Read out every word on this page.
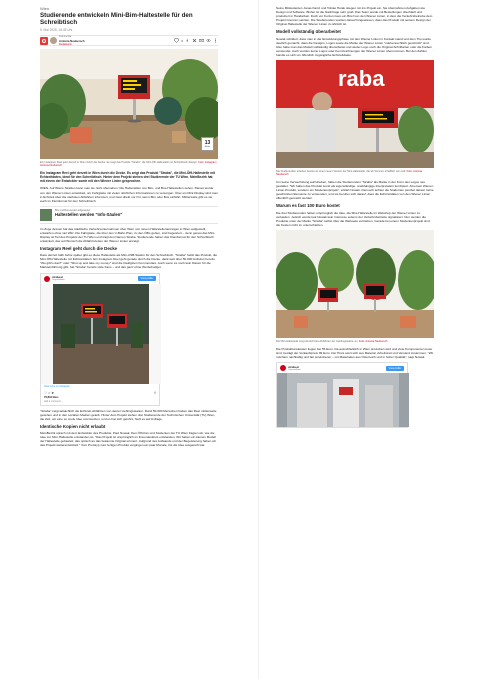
Wien
Studierende entwickeln Mini-Bim-Haltestelle für den Schreibtisch
5. Mai 2025, 16:45 Uhr
Kommentar
Antonia Neubersch
Redakteurin
6 f
13
Bilder
Ein Instagram Reel geht derzeit in Wien durch die Decke. Es zeigt das Produkt "Straba", die Mini-Öffi-Haltestelle mit Schreibtisch-Design. Foto: Instagram Antonia Neubersch
Ein Instagram Reel geht derzeit in Wien durch die Decke. Es zeigt das Produkt "Straba", die Mini-Öffi-Haltestelle mit Echtzeitdaten, ideal für den Schreibtisch. Hinter dem Projekt stehen drei Studierende der TU Wien. MeinBezirk hat mit einem der Entwickler sowie mit den Wiener Linien gesprochen.
WIEN. Auf Wiens Straßen kann man sie nicht übersehen: Die Haltestellen von Bim- und Bus-Haltestellen sehen. Dieses wurde von den Wiener Linien entwickelt, um Fahrgäste mit vielen nützlichen Informationen zu versorgen: Über ein Mini-Display wird man in Echtzeit über die nächsten Abfahrten informiert, und zwar direkt vor Ort, wenn Bim oder Bus einfährt. Mittlerweile gibt es sie auch im Kleinformat für den Schreibtisch.
Bim und Bus werden aufgewertet
Haltestellen werden "Info-Säulen"
Im Zuge dessen hat das städtische Verkehrsunternehmen über Wien von neuen Haltestellenanzeigen in Wien aufgestellt, entwarfen ohne viel Witz. Die Fahrgäste, die über den U-Bahn-Plan, zu den Öffis gehen, sind begeistert – denn genau das Mini-Display ist Teil des Projekts der TU Wien und trägt den Namen Straba. Studierende haben das Kleinformat für den Schreibtisch entwickelt, das auf Wunsch die Abfahrtszeiten der Wiener Linien anzeigt.
Instagram Reel geht durch die Decke
Dass derzeit halb Jahre später gibt es diese Haltestelle als Mini-USB-Station für den Schreibtisch. "Straba" heißt das Produkt, die Mini-Öffi-Haltestelle mit Echtzeitdaten. Ein Instagram Reel geht gerade durch die Decke, dank weit über 50.000 Aufrufen bereits "Wo gibt's das?" oder "Shut up and take my money" sind die häufigsten Kommentare. Auch wenn es noch kein Datum für die Markteinführung gibt, hat "Straba" bereits viele Fans – und das ganz ohne Werbebudget.
straba.at
Original-Audio	View profile
View more on Instagram
♡ ○ ➤	⌑
76,842 likes
Add a comment...
"Straba" zeigt tatsächlich die Echtzeit-Abfahrten von deiner Lieblingsstation. Rund 50.000 Menschen haben das Reel mittlerweile gesehen und in den sozialen Medien geteilt. Hinter dem Projekt stehen drei Studierende der Technischen Universität (TU) Wien, die Zeit, um eine so coole Idee umzusetzen, und es hat sich gelohnt, hieß es auf Anfrage.
Identische Kopien nicht erlaubt
MeinBezirk sprach mit dem Entwickler des Produkts, Paul Nowak. Den Öffi-Fan und Studenten der TU Wien fragten wir, wie die Idee zur Mini-Haltestelle entstanden ist. "Das Projekt ist ursprünglich im Freundeskreis entstanden. Wir haben ein kleines Modell der Haltestelle gebastelt, das optisch an das bekannte Original erinnert. Aufgrund des Aufwands und der Begeisterung haben wir das Projekt weiterentwickelt." Vom Prototyp zum fertigen Produkt vergingen ein paar Monate, bis die Idee ausgereift war.
Seine Mitstudenten Jonas Kainz und Tobias Horak stiegen mit ins Projekt ein. Sie übernahmen Aufgaben wie Design und Software. Bisher ist die Nachfrage sehr groß: Das Team wurde mit Bestellungen überhäuft und produziert in Handarbeit. Doch vor Kurzem kam ein Brief von den Wiener Linien, in dem die Verkehrsbetriebe dem Projekt Grenzen setzten. Die Studierenden wurden darauf hingewiesen, dass das Produkt mit seinem Design der Original-Haltestelle der Wiener Linien zu ähnlich ist.
Modell vollständig überarbeitet
Nowak schildert, dass man in der Entwicklungsphase mit den Wiener Linien in Kontakt stand und dem Triu wurde deutlich gemacht, dass die Designs, Logos sowie die Marke der Wiener Linien "markenrechtlich geschützt" sind. Also habe man das Modell vollständig überarbeitet und weder Logo noch die Original-Schriftarten oder die Farben verwendet. Auch wurden keine Logos oder Kennzeichnungen der Wiener Linien übernommen. Bei den Zahlen handle es sich um öffentlich zugängliche Echtzeitdaten.
raba
Die Studierenden arbeiten bereits an einer neuen Version der Mini-Haltestelle, die ab Sommer erhältlich sein soll. Foto: Antonia Neubersch
Um keine Verwechslung aufzuheben, haben die Studierenden "Straba" als Marke in der Form des Logos neu gestaltet. "Wir haben das Produkt somit als eigenständige, unabhängige Interpretation konzipiert. Also kein Wiener-Linien-Produkt, sondern ein Studentenprojekt", erklärt Nowak. Dennoch achten die Studenten penibel darauf, keine geschützten Elemente zu verwenden, und sie berufen sich darauf, dass die Echtzeitdaten von den Wiener Linien öffentlich gemacht werden.
Warum es fast 100 Euro kostet
Die drei Studierenden hatten ursprünglich die Idee, die Mini-Haltestelle im Webshop der Wiener Linien zu verkaufen. Jedoch wurde laut Nowak kein Interesse seitens der Verkehrsbetriebe signalisiert. Nun werden die Produkte unter der Marke "Straba" selbst über die Webseite vertrieben. Gerade bei einem Studentenprojekt sind die Kosten nicht zu unterschätzen.
Die Mini-Haltestelle zeigt die Echtzeit-Abfahrten der Lieblingsstation an. Foto: Antonia Neubersch
Die Produktionskosten liegen bei 55 Euro. Da ausschließlich in Wien produziert wird und viele Komponenten teuer sind, beträgt der Verkaufspreis 99 Euro. Der Preis setzt sich aus Material, Arbeitszeit und Versand zusammen. "Wir möchten nachhaltig und fair produzieren – mit Materialien aus Österreich und in hoher Qualität", sagt Nowak.
straba.at
Original-Audio	View profile
